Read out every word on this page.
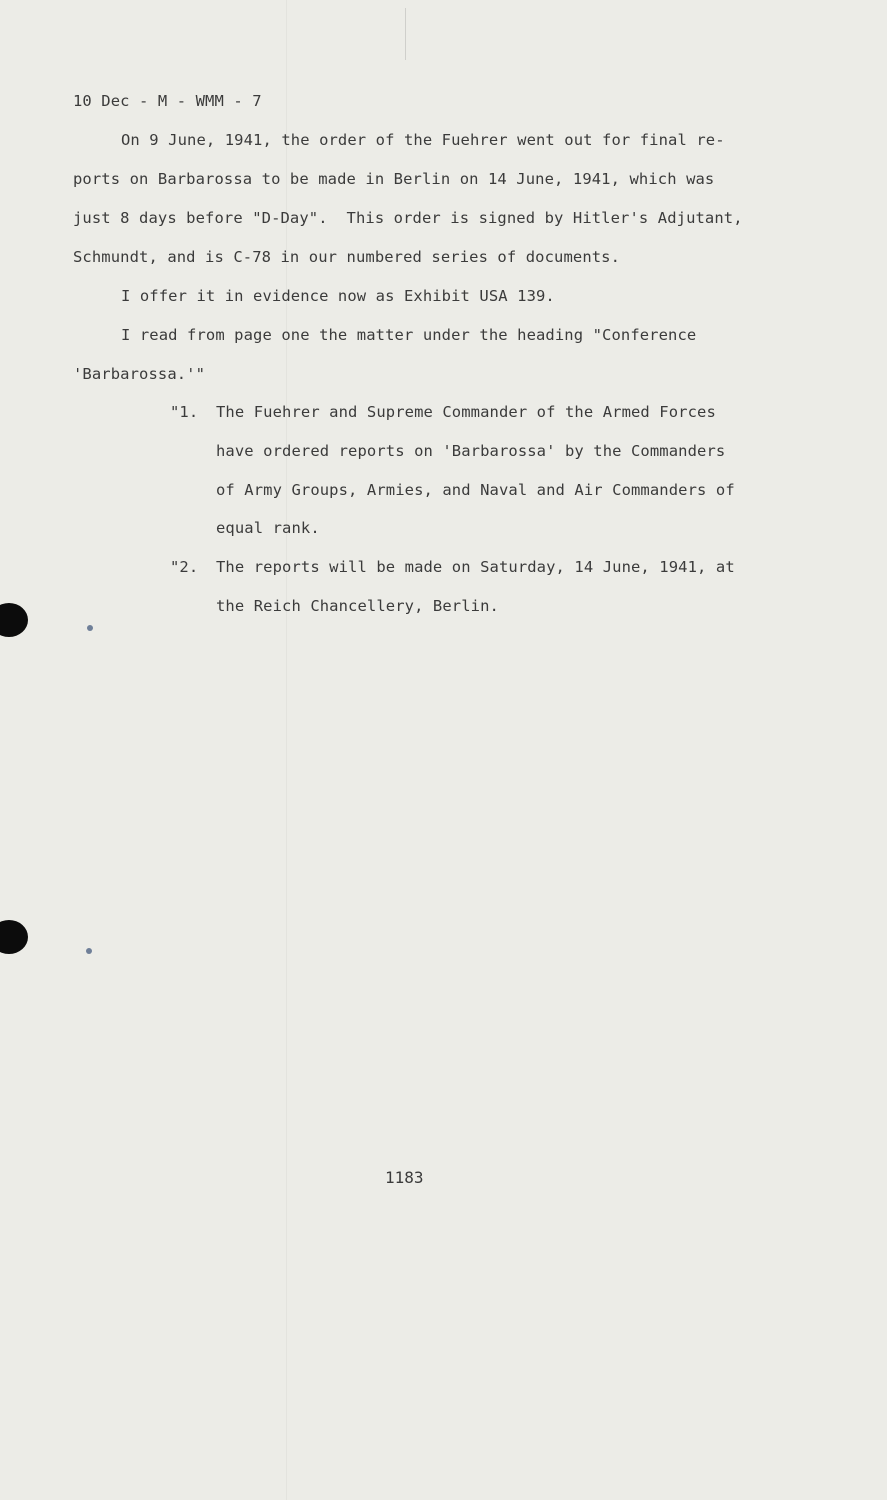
10 Dec - M - WMM - 7

On 9 June, 1941, the order of the Fuehrer went out for final re-

ports on Barbarossa to be made in Berlin on 14 June, 1941, which was

just 8 days before "D-Day".  This order is signed by Hitler's Adjutant,

Schmundt, and is C-78 in our numbered series of documents.

I offer it in evidence now as Exhibit USA 139.

I read from page one the matter under the heading "Conference

'Barbarossa.'"

"1. The Fuehrer and Supreme Commander of the Armed Forces

have ordered reports on 'Barbarossa' by the Commanders

of Army Groups, Armies, and Naval and Air Commanders of

equal rank.

"2. The reports will be made on Saturday, 14 June, 1941, at

the Reich Chancellery, Berlin.

1183
